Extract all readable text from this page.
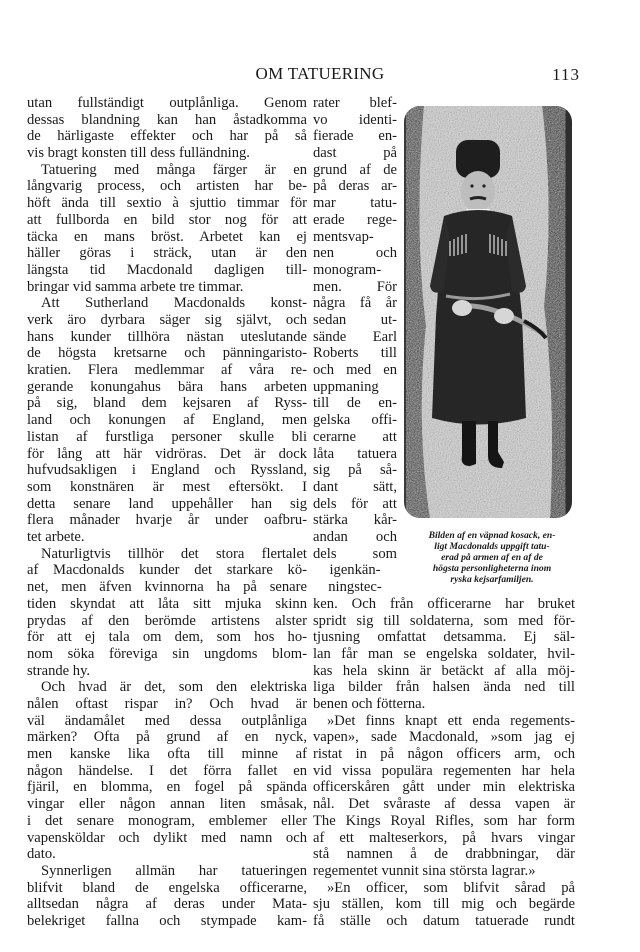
OM TATUERING	113
utan fullständigt outplånliga. Genom
dessas blandning kan han åstadkomma
de härligaste effekter och har på så
vis bragt konsten till dess fulländning.
Tatuering med många färger är en
långvarig process, och artisten har be-
höft ända till sextio à sjuttio timmar för
att fullborda en bild stor nog för att
täcka en mans bröst. Arbetet kan ej
häller göras i sträck, utan är den
längsta tid Macdonald dagligen till-
bringar vid samma arbete tre timmar.
Att Sutherland Macdonalds konst-
verk äro dyrbara säger sig självt, och
hans kunder tillhöra nästan uteslutande
de högsta kretsarne och pänningaristo-
kratien. Flera medlemmar af våra re-
gerande konungahus bära hans arbeten
på sig, bland dem kejsaren af Ryss-
land och konungen af England, men
listan af furstliga personer skulle bli
för lång att här vidröras. Det är dock
hufvudsakligen i England och Ryssland,
som konstnären är mest eftersökt. I
detta senare land uppehåller han sig
flera månader hvarje år under oafbru-
tet arbete.
Naturligtvis tillhör det stora flertalet
af Macdonalds kunder det starkare kö-
net, men äfven kvinnorna ha på senare
tiden skyndat att låta sitt mjuka skinn
prydas af den berömde artistens alster
för att ej tala om dem, som hos ho-
nom söka föreviga sin ungdoms blom-
strande hy.
Och hvad är det, som den elektriska
nålen oftast rispar in? Och hvad är
väl ändamålet med dessa outplånliga
märken? Ofta på grund af en nyck,
men kanske lika ofta till minne af
någon händelse. I det förra fallet en
fjäril, en blomma, en fogel på spända
vingar eller någon annan liten småsak,
i det senare monogram, emblemer eller
vapensköldar och dylikt med namn och
dato.
Synnerligen allmän har tatueringen
blifvit bland de engelska officerarne,
alltsedan några af deras under Mata-
belekriget fallna och stympade kam-
rater blef-
vo identi-
fierade en-
dast på
grund af de
på deras ar-
mar tatu-
erade rege-
mentsvap-
nen och
monogram-
men. För
några få år
sedan ut-
sände Earl
Roberts till
och med en
uppmaning
till de en-
gelska offi-
cerarne att
låta tatuera
sig på så-
dant sätt,
dels för att
stärka kår-
andan och
dels som
igenkän-
ningstec-
Bilden af en väpnad kosack, en-
ligt Macdonalds uppgift tatu-
erad på armen af en af de
högsta personligheterna inom
ryska kejsarfamiljen.
ken. Och från officerarne har bruket
spridt sig till soldaterna, som med för-
tjusning omfattat detsamma. Ej säl-
lan får man se engelska soldater, hvil-
kas hela skinn är betäckt af alla möj-
liga bilder från halsen ända ned till
benen och fötterna.
»Det finns knapt ett enda regements-
vapen», sade Macdonald, »som jag ej
ristat in på någon officers arm, och
vid vissa populära regementen har hela
officerskåren gått under min elektriska
nål. Det svåraste af dessa vapen är
The Kings Royal Rifles, som har form
af ett malteserkors, på hvars vingar
stå namnen å de drabbningar, där
regementet vunnit sina största lagrar.»
»En officer, som blifvit sårad på
sju ställen, kom till mig och begärde
få ställe och datum tatuerade rundt
